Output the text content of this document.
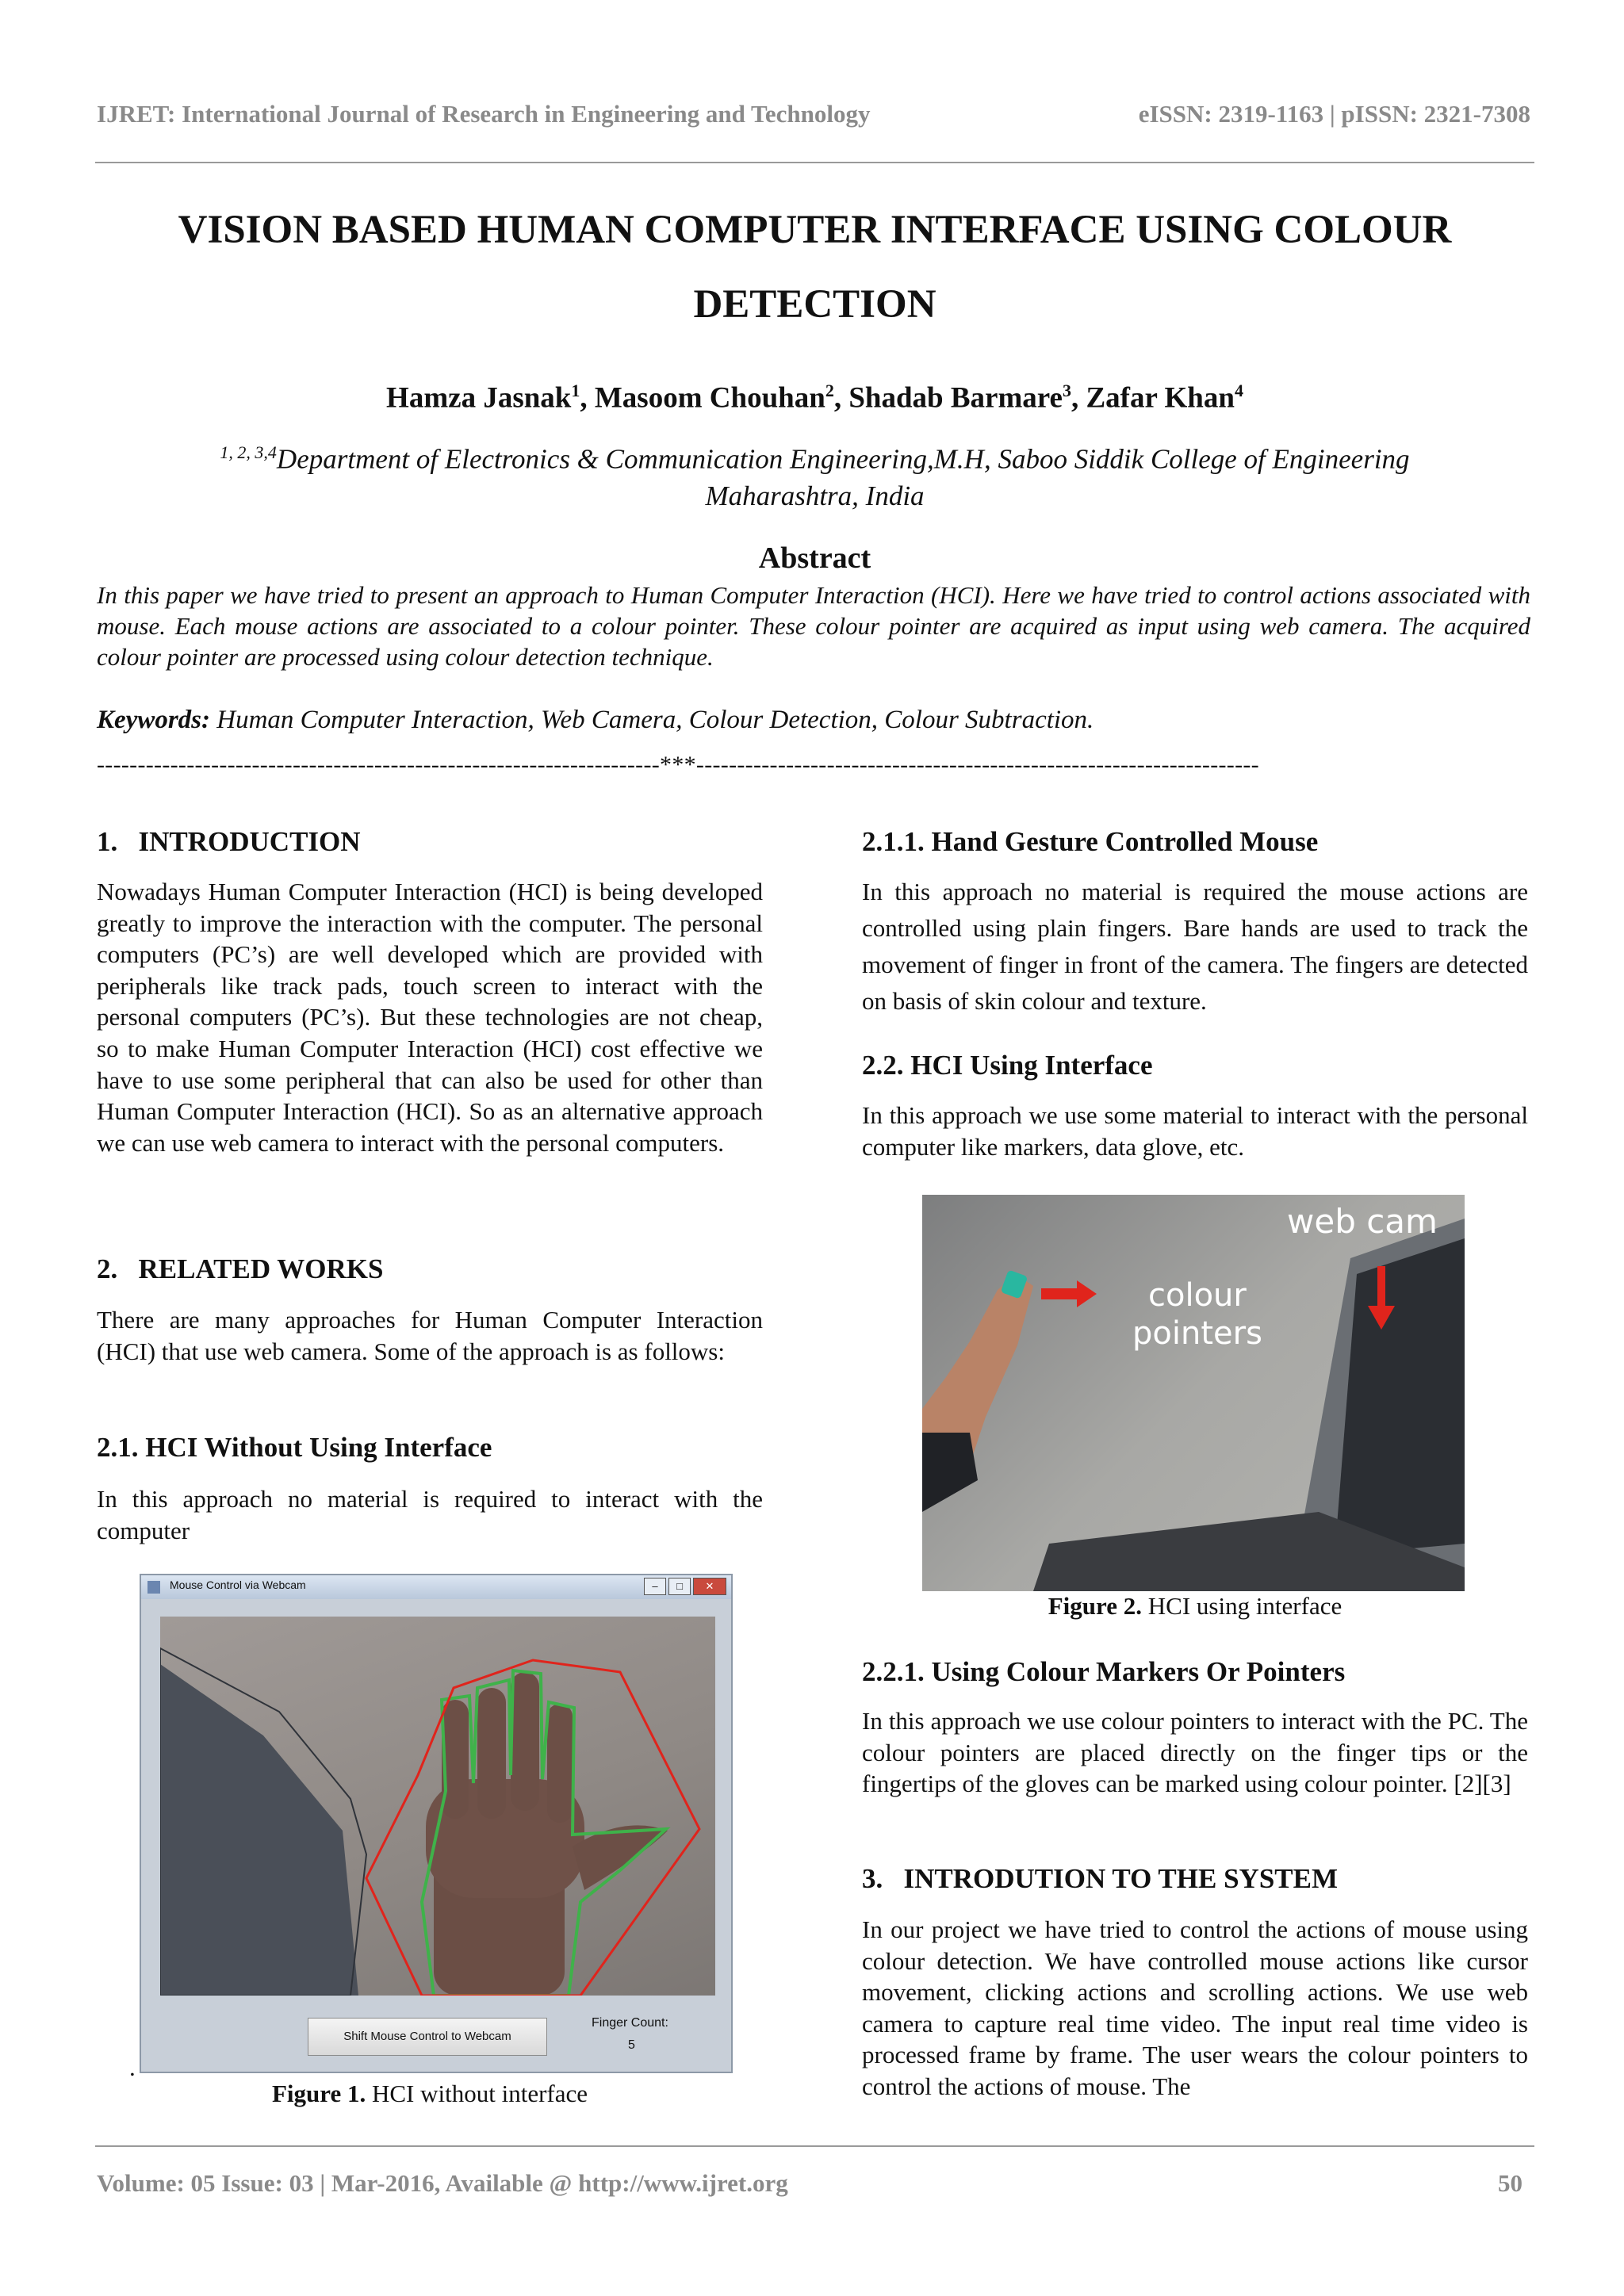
IJRET: International Journal of Research in Engineering and Technology	eISSN: 2319-1163 | pISSN: 2321-7308
VISION BASED HUMAN COMPUTER INTERFACE USING COLOUR
DETECTION
Hamza Jasnak$^1$, Masoom Chouhan$^2$, Shadab Barmare$^3$, Zafar Khan$^4$
$^{1, 2, 3,4}$Department of Electronics & Communication Engineering,M.H, Saboo Siddik College of Engineering
Maharashtra, India
Abstract
In this paper we have tried to present an approach to Human Computer Interaction (HCI). Here we have tried to control actions associated with mouse. Each mouse actions are associated to a colour pointer. These colour pointer are acquired as input using web camera. The acquired colour pointer are processed using colour detection technique.
Keywords: Human Computer Interaction, Web Camera, Colour Detection, Colour Subtraction.
---------------------------------------------------------------------***---------------------------------------------------------------------
1.   INTRODUCTION
Nowadays Human Computer Interaction (HCI) is being developed greatly to improve the interaction with the computer. The personal computers (PC’s) are well developed which are provided with peripherals like track pads, touch screen to interact with the personal computers (PC’s). But these technologies are not cheap, so to make Human Computer Interaction (HCI) cost effective we have to use some peripheral that can also be used for other than Human Computer Interaction (HCI). So as an alternative approach we can use web camera to interact with the personal computers.
2.   RELATED WORKS
There are many approaches for Human Computer Interaction (HCI) that use web camera. Some of the approach is as follows:
2.1. HCI Without Using Interface
In this approach no material is required to interact with the computer
Mouse Control via Webcam	–	□	✕
Shift Mouse Control to Webcam
Finger Count:
5
.
Figure 1. HCI without interface
2.1.1. Hand Gesture Controlled Mouse
In this approach no material is required the mouse actions are controlled using plain fingers. Bare hands are used to track the movement of finger in front of the camera. The fingers are detected on basis of skin colour and texture.
2.2. HCI Using Interface
In this approach we use some material to interact with the personal computer like markers, data glove, etc.
web cam
colour
pointers
Figure 2. HCI using interface
2.2.1. Using Colour Markers Or Pointers
In this approach we use colour pointers to interact with the PC. The colour pointers are placed directly on the finger tips or the fingertips of the gloves can be marked using colour pointer. [2][3]
3.   INTRODUTION TO THE SYSTEM
In our project we have tried to control the actions of mouse using colour detection. We have controlled mouse actions like cursor movement, clicking actions and scrolling actions. We use web camera to capture real time video. The input real time video is processed frame by frame. The user wears the colour pointers to control the actions of mouse. The
Volume: 05 Issue: 03 | Mar-2016, Available @ http://www.ijret.org	50
